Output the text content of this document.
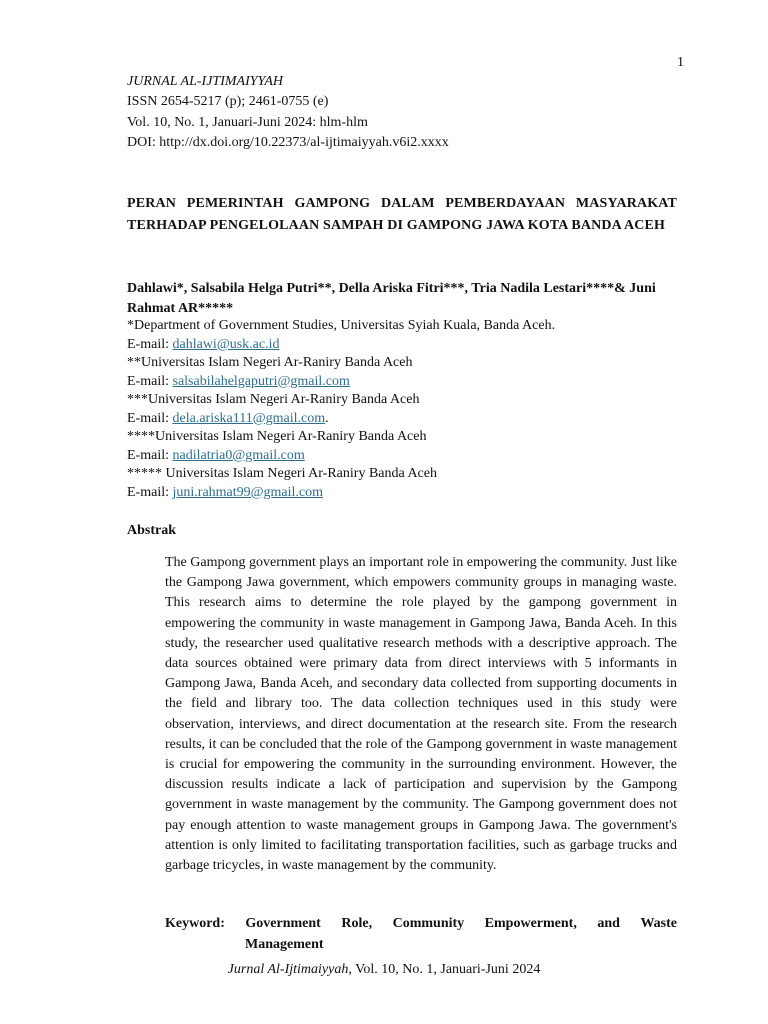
1
JURNAL AL-IJTIMAIYYAH
ISSN 2654-5217 (p); 2461-0755 (e)
Vol. 10, No. 1, Januari-Juni 2024: hlm-hlm
DOI: http://dx.doi.org/10.22373/al-ijtimaiyyah.v6i2.xxxx
PERAN PEMERINTAH GAMPONG DALAM PEMBERDAYAAN MASYARAKAT TERHADAP PENGELOLAAN SAMPAH DI GAMPONG JAWA KOTA BANDA ACEH
Dahlawi*, Salsabila Helga Putri**, Della Ariska Fitri***, Tria Nadila Lestari****& Juni Rahmat AR*****
*Department of Government Studies, Universitas Syiah Kuala, Banda Aceh.
E-mail: dahlawi@usk.ac.id
**Universitas Islam Negeri Ar-Raniry Banda Aceh
E-mail: salsabilahelgaputri@gmail.com
***Universitas Islam Negeri Ar-Raniry Banda Aceh
E-mail: dela.ariska111@gmail.com.
****Universitas Islam Negeri Ar-Raniry Banda Aceh
E-mail: nadilatria0@gmail.com
***** Universitas Islam Negeri Ar-Raniry Banda Aceh
E-mail: juni.rahmat99@gmail.com
Abstrak

The Gampong government plays an important role in empowering the community. Just like the Gampong Jawa government, which empowers community groups in managing waste. This research aims to determine the role played by the gampong government in empowering the community in waste management in Gampong Jawa, Banda Aceh. In this study, the researcher used qualitative research methods with a descriptive approach. The data sources obtained were primary data from direct interviews with 5 informants in Gampong Jawa, Banda Aceh, and secondary data collected from supporting documents in the field and library too. The data collection techniques used in this study were observation, interviews, and direct documentation at the research site. From the research results, it can be concluded that the role of the Gampong government in waste management is crucial for empowering the community in the surrounding environment. However, the discussion results indicate a lack of participation and supervision by the Gampong government in waste management by the community. The Gampong government does not pay enough attention to waste management groups in Gampong Jawa. The government's attention is only limited to facilitating transportation facilities, such as garbage trucks and garbage tricycles, in waste management by the community.

Keyword: Government Role, Community Empowerment, and Waste
Management
Jurnal Al-Ijtimaiyyah, Vol. 10, No. 1, Januari-Juni 2024
